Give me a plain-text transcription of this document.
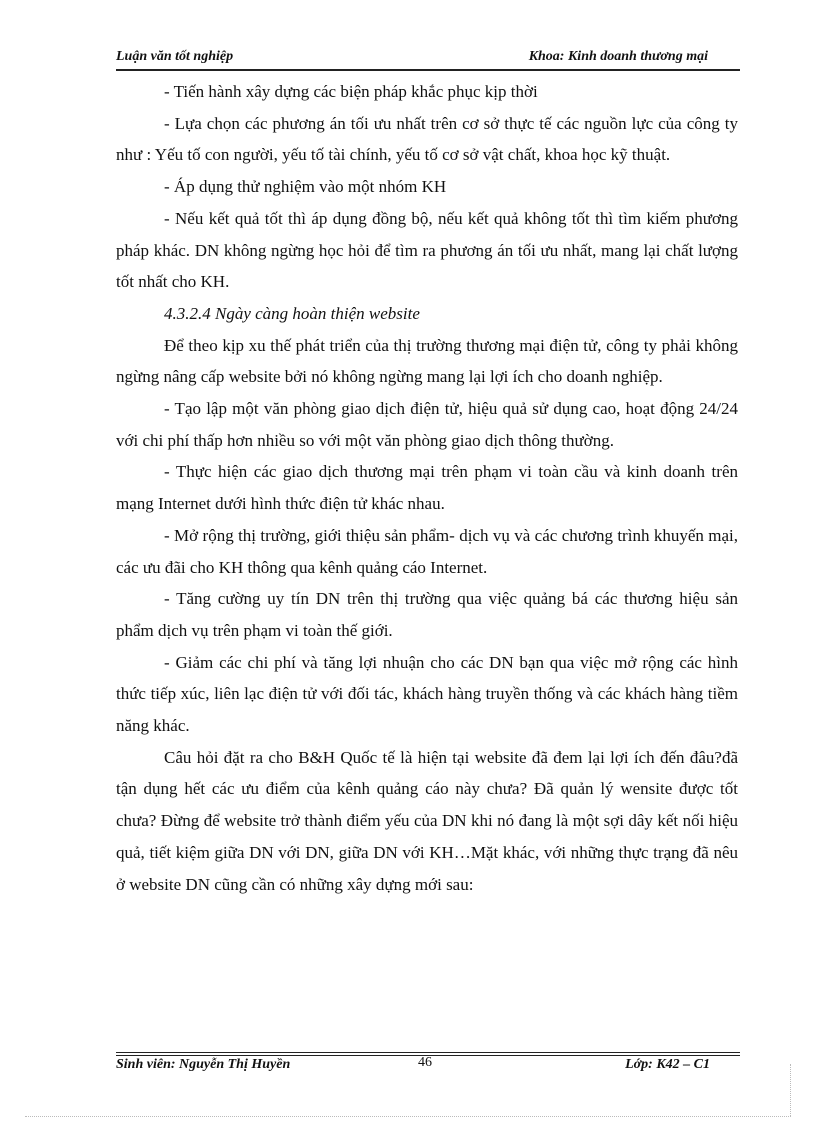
Luận văn tốt nghiệp	Khoa: Kinh doanh thương mại

- Tiến hành xây dựng các biện pháp khắc phục kịp thời

- Lựa chọn các phương án tối ưu nhất trên cơ sở thực tế các nguồn lực của công ty như : Yếu tố con người, yếu tố tài chính, yếu tố cơ sở vật chất, khoa học kỹ thuật.

- Áp dụng thử nghiệm vào một nhóm KH

- Nếu kết quả tốt thì áp dụng đồng bộ, nếu kết quả không tốt thì tìm kiếm phương pháp khác. DN không ngừng học hỏi để tìm ra phương án tối ưu nhất, mang lại chất lượng tốt nhất cho KH.

4.3.2.4 Ngày càng hoàn thiện website

Để theo kịp xu thế phát triển của thị trường thương mại điện tử, công ty phải không ngừng nâng cấp website bởi nó không ngừng mang lại lợi ích cho doanh nghiệp.

- Tạo lập một văn phòng giao dịch điện tử, hiệu quả sử dụng cao, hoạt động 24/24 với chi phí thấp hơn nhiều so với một văn phòng giao dịch thông thường.

- Thực hiện các giao dịch thương mại trên phạm vi toàn cầu và kinh doanh trên mạng Internet dưới hình thức điện tử khác nhau.

- Mở rộng thị trường, giới thiệu sản phẩm- dịch vụ và các chương trình khuyến mại, các ưu đãi cho KH thông qua kênh quảng cáo Internet.

- Tăng cường uy tín DN trên thị trường qua việc quảng bá các thương hiệu sản phẩm dịch vụ trên phạm vi toàn thế giới.

- Giảm các chi phí và tăng lợi nhuận cho các DN bạn qua việc mở rộng các hình thức tiếp xúc, liên lạc điện tử với đối tác, khách hàng truyền thống và các khách hàng tiềm năng khác.

Câu hỏi đặt ra cho B&H Quốc tế là hiện tại website đã đem lại lợi ích đến đâu?đã tận dụng hết các ưu điểm của kênh quảng cáo này chưa? Đã quản lý wensite được tốt chưa? Đừng để website trở thành điểm yếu của DN khi nó đang là một sợi dây kết nối hiệu quả, tiết kiệm giữa DN với DN, giữa DN với KH…Mặt khác, với những thực trạng đã nêu ở website DN cũng cần có những xây dựng mới sau:

Sinh viên: Nguyễn Thị Huyền	46	Lớp: K42 – C1
